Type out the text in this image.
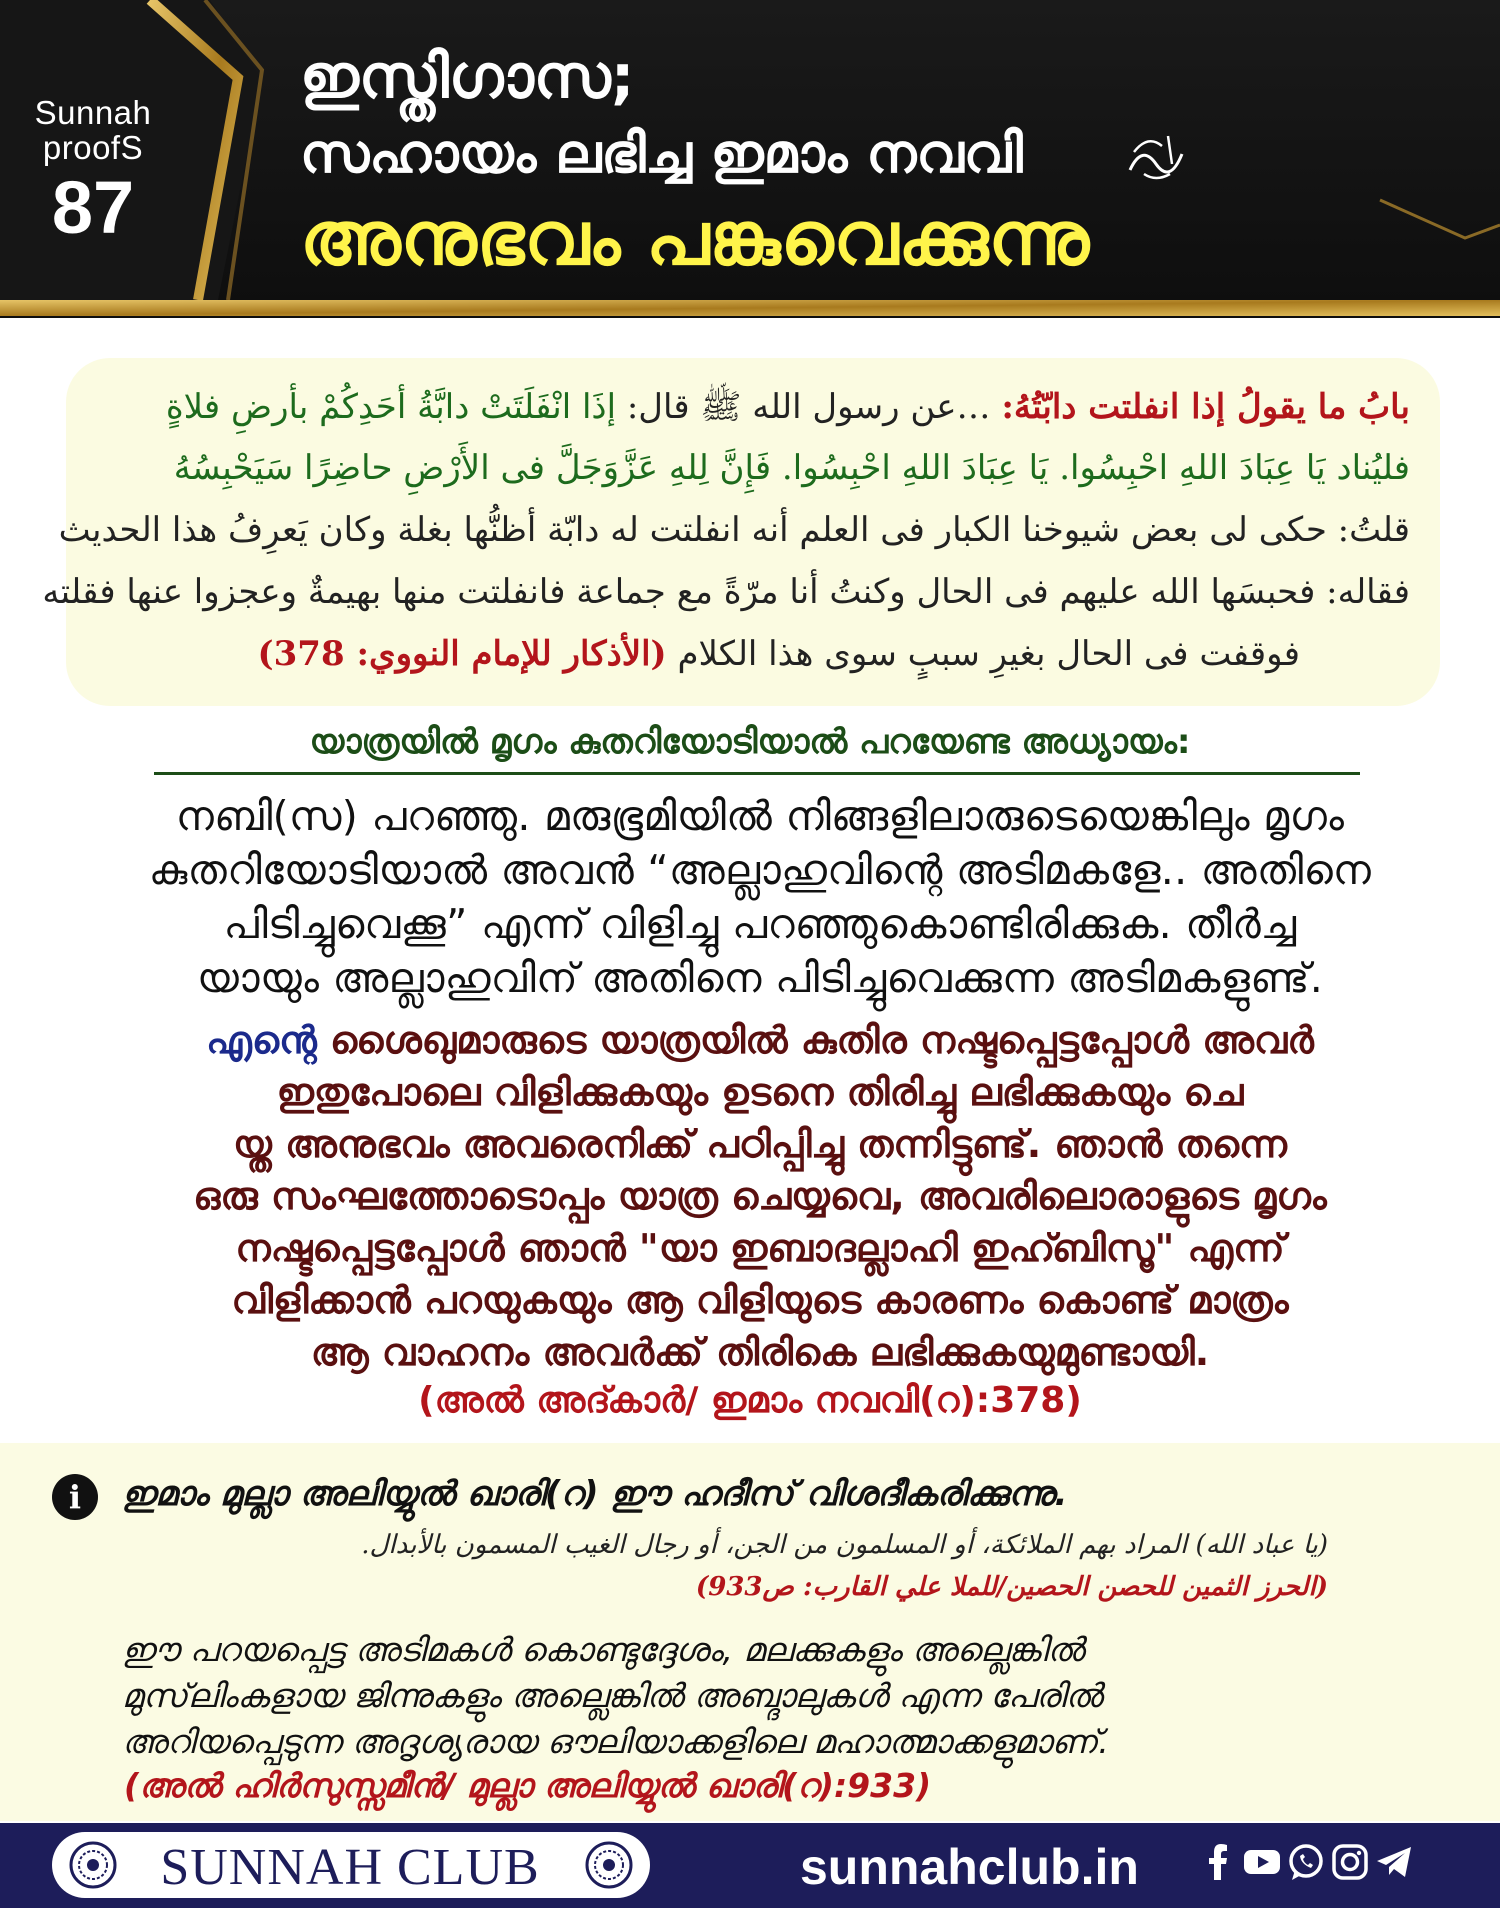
Sunnah proofS
87
ഇസ്തിഗാസ;
സഹായം ലഭിച്ച ഇമാം നവവി
അനുഭവം പങ്കുവെക്കുന്നു
بابُ ما يقولُ إذا انفلتت دابّتُهُ: …عن رسول الله ﷺ قال: إذَا انْفَلَتَتْ دابَّةُ أحَدِكُمْ بأرضِ فلاةٍ
فليُناد يَا عِبَادَ اللهِ احْبِسُوا. يَا عِبَادَ اللهِ احْبِسُوا. فَإِنَّ لِلهِ عَزَّوَجَلَّ فى الأَرْضِ حاضِرًا سَيَحْبِسُهُ
قلتُ: حكى لى بعض شيوخنا الكبار فى العلم أنه انفلتت له دابّة أظنُّها بغلة وكان يَعرِفُ هذا الحديث
فقاله: فحبسَها الله عليهم فى الحال وكنتُ أنا مرّةً مع جماعة فانفلتت منها بهيمةٌ وعجزوا عنها فقلته
فوقفت فى الحال بغيرِ سببٍ سوى هذا الكلام (الأذكار للإمام النووي: 378)
യാത്രയിൽ മൃഗം കുതറിയോടിയാൽ പറയേണ്ട അധ്യായം:
നബി(സ) പറഞ്ഞു. മരുഭൂമിയിൽ നിങ്ങളിലാരുടെയെങ്കിലും മൃഗം
കുതറിയോടിയാൽ അവൻ “അല്ലാഹുവിന്റെ അടിമകളേ.. അതിനെ
പിടിച്ചുവെക്കൂ” എന്ന് വിളിച്ചു പറഞ്ഞുകൊണ്ടിരിക്കുക. തീർച്ച
യായും അല്ലാഹുവിന് അതിനെ പിടിച്ചുവെക്കുന്ന അടിമകളുണ്ട്.
എന്റെ ശൈഖുമാരുടെ യാത്രയിൽ കുതിര നഷ്ടപ്പെട്ടപ്പോൾ അവർ
ഇതുപോലെ വിളിക്കുകയും ഉടനെ തിരിച്ചു ലഭിക്കുകയും ചെ
യ്ത അനുഭവം അവരെനിക്ക് പഠിപ്പിച്ചു തന്നിട്ടുണ്ട്. ഞാൻ തന്നെ
ഒരു സംഘത്തോടൊപ്പം യാത്ര ചെയ്യവെ, അവരിലൊരാളുടെ മൃഗം
നഷ്ടപ്പെട്ടപ്പോൾ ഞാൻ "യാ ഇബാദല്ലാഹി ഇഹ്ബിസൂ" എന്ന്
വിളിക്കാൻ പറയുകയും ആ വിളിയുടെ കാരണം കൊണ്ട് മാത്രം
ആ വാഹനം അവർക്ക് തിരികെ ലഭിക്കുകയുമുണ്ടായി.
(അൽ അദ്കാർ/ ഇമാം നവവി(റ):378)
i	ഇമാം മുല്ലാ അലിയ്യുൽ ഖാരി(റ) ഈ ഹദീസ് വിശദീകരിക്കുന്നു.
(يا عباد الله) المراد بهم الملائكة، أو المسلمون من الجن، أو رجال الغيب المسمون بالأبدال.
(الحرز الثمين للحصن الحصين/للملا علي القارب: ص933)
ഈ പറയപ്പെട്ട അടിമകൾ കൊണ്ടുദ്ദേശം, മലക്കുകളും അല്ലെങ്കിൽ
മുസ്‌ലിംകളായ ജിന്നുകളും അല്ലെങ്കിൽ അബ്ദാലുകൾ എന്ന പേരിൽ
അറിയപ്പെടുന്ന അദൃശ്യരായ ഔലിയാക്കളിലെ മഹാത്മാക്കളുമാണ്.
(അൽ ഹിർസുസ്സമീൻ/ മുല്ലാ അലിയ്യുൽ ഖാരി(റ):933)
SUNNAH CLUB	sunnahclub.in
